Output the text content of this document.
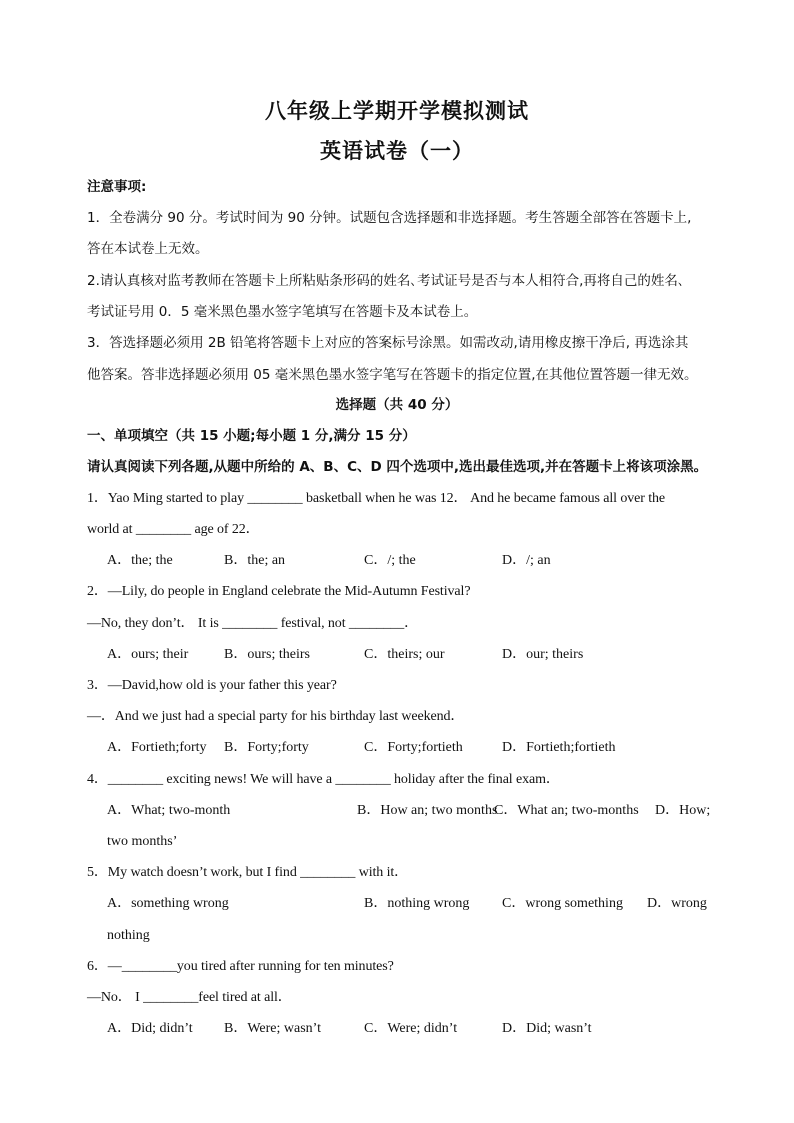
八年级上学期开学模拟测试
英语试卷（一）
注意事项:
1．全卷满分 90 分。考试时间为 90 分钟。试题包含选择题和非选择题。考生答题全部答在答题卡上,
答在本试卷上无效。
2.请认真核对监考教师在答题卡上所粘贴条形码的姓名､考试证号是否与本人相符合,再将自己的姓名､
考试证号用 0．5 毫米黑色墨水签字笔填写在答题卡及本试卷上。
3．答选择题必须用 2B 铅笔将答题卡上对应的答案标号涂黑。如需改动,请用橡皮擦干净后, 再选涂其
他答案。答非选择题必须用 05 毫米黑色墨水签字笔写在答题卡的指定位置,在其他位置答题一律无效。
选择题（共 40 分）
一、单项填空（共 15 小题;每小题 1 分,满分 15 分）
请认真阅读下列各题,从题中所给的 A、B、C、D 四个选项中,选出最佳选项,并在答题卡上将该项涂黑。
1．Yao Ming started to play ________ basketball when he was 12． And he became famous all over the
world at ________ age of 22．
A．the; the	B．the; an	C．/; the	D．/; an
2．—Lily, do people in England celebrate the Mid-Autumn Festival?
—No, they don’t． It is ________ festival, not ________．
A．ours; their	B．ours; theirs	C．theirs; our	D．our; theirs
3．—David,how old is your father this year?
—．And we just had a special party for his birthday last weekend．
A．Fortieth;forty B．Forty;forty	C．Forty;fortieth	D．Fortieth;fortieth
4．________ exciting news! We will have a ________ holiday after the final exam．
A．What; two-month	B．How an; two months
C．What an; two-months D．How;
two months’
5．My watch doesn’t work, but I find ________ with it．
A．something wrong	B．nothing wrong C．wrong something D．wrong
nothing
6．—________you tired after running for ten minutes?
—No． I ________feel tired at all．
A．Did; didn’t B．Were; wasn’t	C．Were; didn’t	D．Did; wasn’t
